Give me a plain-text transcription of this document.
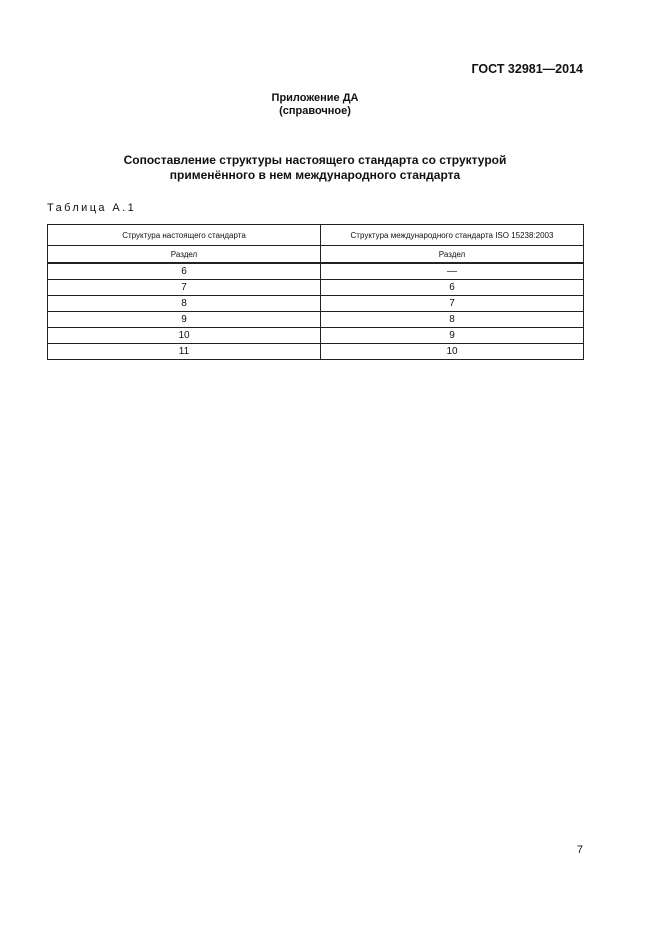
ГОСТ 32981—2014
Приложение ДА
(справочное)
Сопоставление структуры настоящего стандарта со структурой
применённого в нем международного стандарта
Таблица А.1
Структура настоящего стандарта	Структура международного стандарта ISO 15238:2003
Раздел	Раздел
6	—
7	6
8	7
9	8
10	9
11	10
7
